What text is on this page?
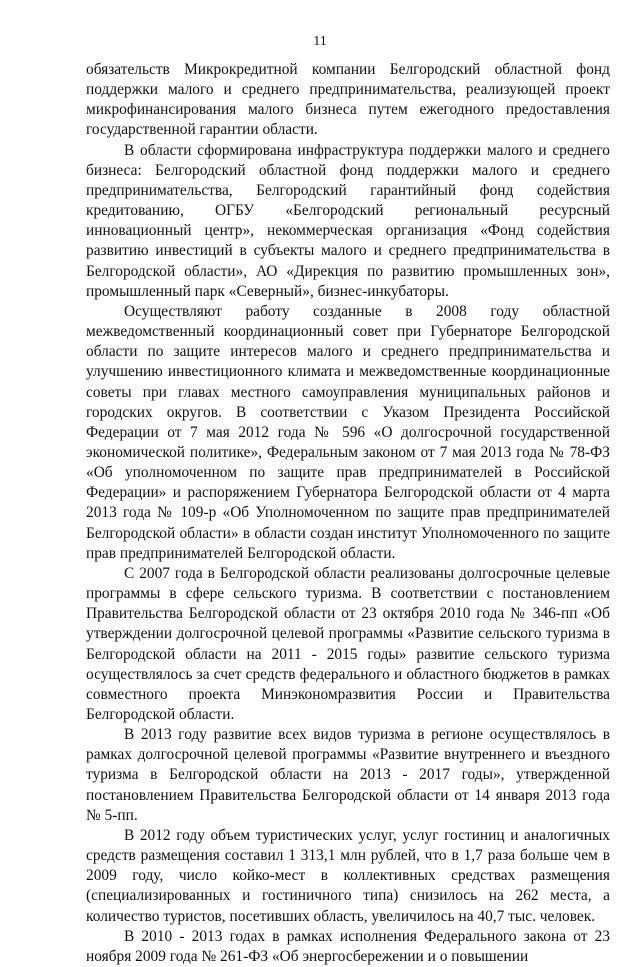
11

обязательств Микрокредитной компании Белгородский областной фонд поддержки малого и среднего предпринимательства, реализующей проект микрофинансирования малого бизнеса путем ежегодного предоставления государственной гарантии области.

В области сформирована инфраструктура поддержки малого и среднего бизнеса: Белгородский областной фонд поддержки малого и среднего предпринимательства, Белгородский гарантийный фонд содействия кредитованию, ОГБУ «Белгородский региональный ресурсный инновационный центр», некоммерческая организация «Фонд содействия развитию инвестиций в субъекты малого и среднего предпринимательства в Белгородской области», АО «Дирекция по развитию промышленных зон», промышленный парк «Северный», бизнес-инкубаторы.

Осуществляют работу созданные в 2008 году областной межведомственный координационный совет при Губернаторе Белгородской области по защите интересов малого и среднего предпринимательства и улучшению инвестиционного климата и межведомственные координационные советы при главах местного самоуправления муниципальных районов и городских округов. В соответствии с Указом Президента Российской Федерации от 7 мая 2012 года № 596 «О долгосрочной государственной экономической политике», Федеральным законом от 7 мая 2013 года № 78-ФЗ «Об уполномоченном по защите прав предпринимателей в Российской Федерации» и распоряжением Губернатора Белгородской области от 4 марта 2013 года № 109-р «Об Уполномоченном по защите прав предпринимателей Белгородской области» в области создан институт Уполномоченного по защите прав предпринимателей Белгородской области.

С 2007 года в Белгородской области реализованы долгосрочные целевые программы в сфере сельского туризма. В соответствии с постановлением Правительства Белгородской области от 23 октября 2010 года № 346-пп «Об утверждении долгосрочной целевой программы «Развитие сельского туризма в Белгородской области на 2011 - 2015 годы» развитие сельского туризма осуществлялось за счет средств федерального и областного бюджетов в рамках совместного проекта Минэкономразвития России и Правительства Белгородской области.

В 2013 году развитие всех видов туризма в регионе осуществлялось в рамках долгосрочной целевой программы «Развитие внутреннего и въездного туризма в Белгородской области на 2013 - 2017 годы», утвержденной постановлением Правительства Белгородской области от 14 января 2013 года № 5-пп.

В 2012 году объем туристических услуг, услуг гостиниц и аналогичных средств размещения составил 1 313,1 млн рублей, что в 1,7 раза больше чем в 2009 году, число койко-мест в коллективных средствах размещения (специализированных и гостиничного типа) снизилось на 262 места, а количество туристов, посетивших область, увеличилось на 40,7 тыс. человек.

В 2010 - 2013 годах в рамках исполнения Федерального закона от 23 ноября 2009 года № 261-ФЗ «Об энергосбережении и о повышении
